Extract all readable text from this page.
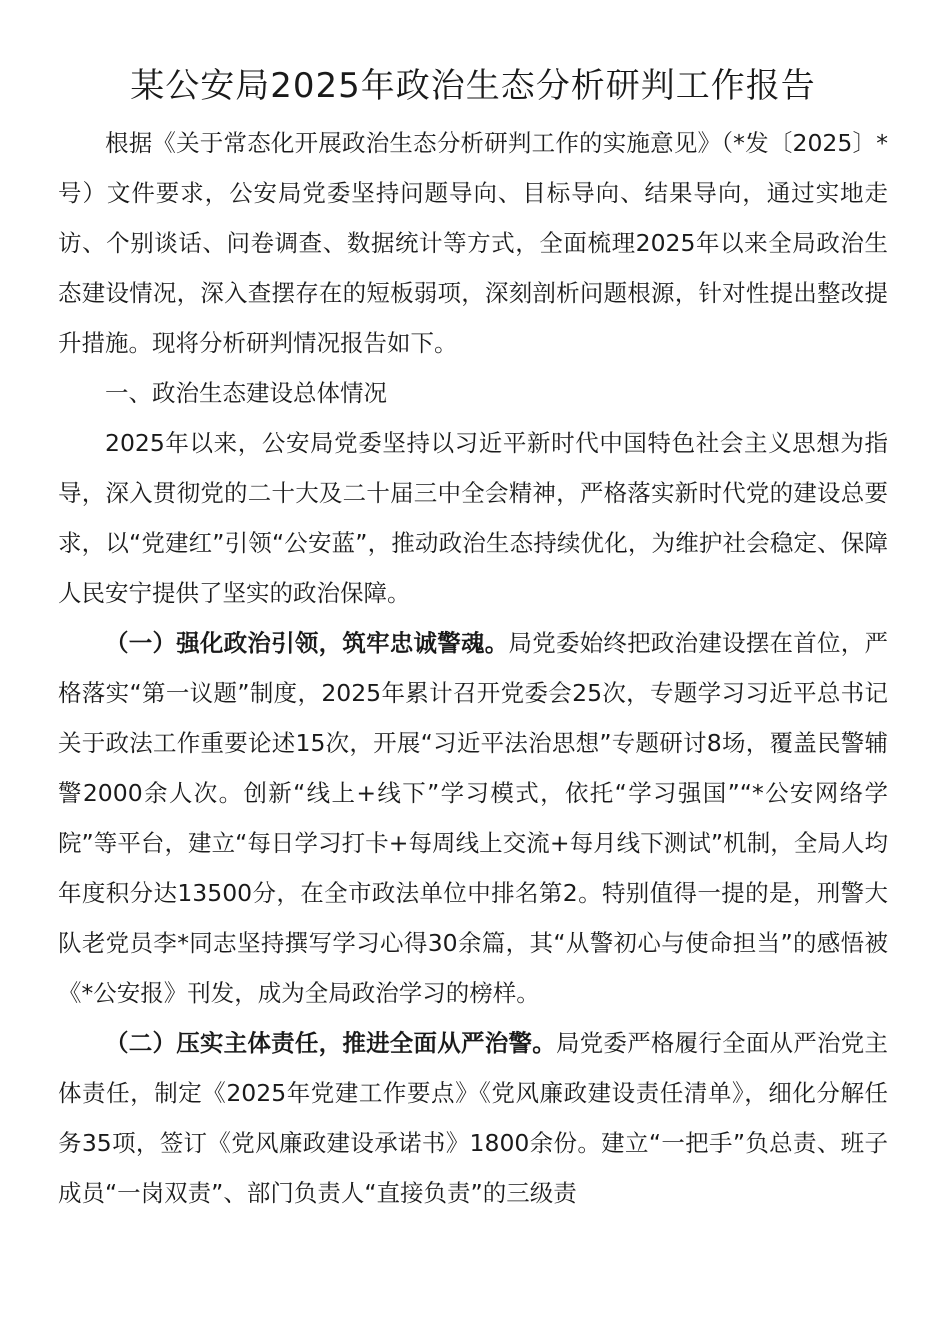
某公安局2025年政治生态分析研判工作报告

根据《关于常态化开展政治生态分析研判工作的实施意见》（*发〔2025〕*号）文件要求，公安局党委坚持问题导向、目标导向、结果导向，通过实地走访、个别谈话、问卷调查、数据统计等方式，全面梳理2025年以来全局政治生态建设情况，深入查摆存在的短板弱项，深刻剖析问题根源，针对性提出整改提升措施。现将分析研判情况报告如下。

一、政治生态建设总体情况

2025年以来，公安局党委坚持以习近平新时代中国特色社会主义思想为指导，深入贯彻党的二十大及二十届三中全会精神，严格落实新时代党的建设总要求，以“党建红”引领“公安蓝”，推动政治生态持续优化，为维护社会稳定、保障人民安宁提供了坚实的政治保障。

（一）强化政治引领，筑牢忠诚警魂。局党委始终把政治建设摆在首位，严格落实“第一议题”制度，2025年累计召开党委会25次，专题学习习近平总书记关于政法工作重要论述15次，开展“习近平法治思想”专题研讨8场，覆盖民警辅警2000余人次。创新“线上+线下”学习模式，依托“学习强国”“*公安网络学院”等平台，建立“每日学习打卡+每周线上交流+每月线下测试”机制，全局人均年度积分达13500分，在全市政法单位中排名第2。特别值得一提的是，刑警大队老党员李*同志坚持撰写学习心得30余篇，其“从警初心与使命担当”的感悟被《*公安报》刊发，成为全局政治学习的榜样。

（二）压实主体责任，推进全面从严治警。局党委严格履行全面从严治党主体责任，制定《2025年党建工作要点》《党风廉政建设责任清单》，细化分解任务35项，签订《党风廉政建设承诺书》1800余份。建立“一把手”负总责、班子成员“一岗双责”、部门负责人“直接负责”的三级责
